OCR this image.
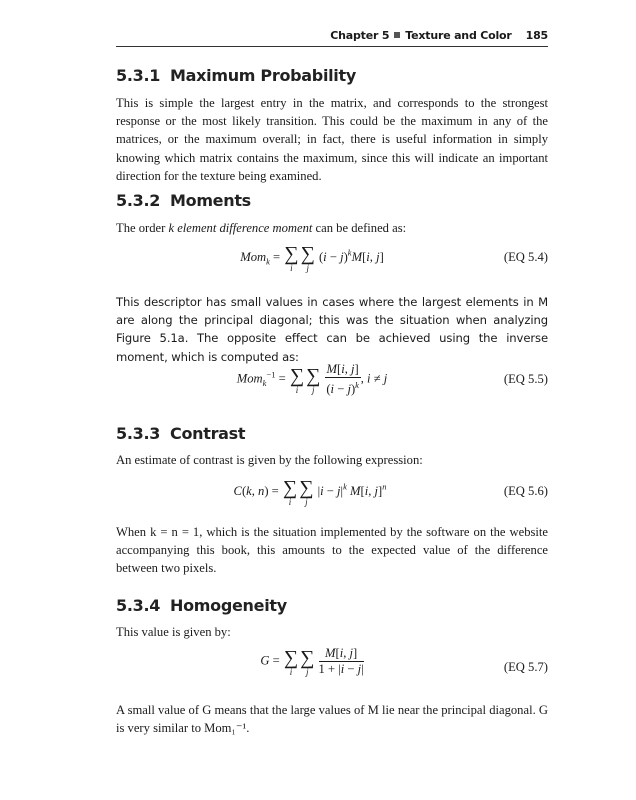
Chapter 5 Texture and Color 185
5.3.1 Maximum Probability

This is simple the largest entry in the matrix, and corresponds to the strongest response or the most likely transition. This could be the maximum in any of the matrices, or the maximum overall; in fact, there is useful information in simply knowing which matrix contains the maximum, since this will indicate an important direction for the texture being examined.

5.3.2 Moments

The order k element difference moment can be defined as:

Mom$_k$ = ∑
i
∑
j
$(i - j)^kM[i$, j]	(EQ 5.4)

This descriptor has small values in cases where the largest elements in M are along the principal diagonal; this was the situation when analyzing Figure 5.1a. The opposite effect can be achieved using the inverse moment, which is computed as:

Mom$_k^{-1}$ = ∑
i
∑
j
$\frac{M[i, j]}{(i - j)^k}$ , i ≠ j	(EQ 5.5)
5.3.3 Contrast

An estimate of contrast is given by the following expression:

C(k, n) = ∑
i
∑
j
$|i - j|^k$ M[i, j]$^n$	(EQ 5.6)

When k = n = 1, which is the situation implemented by the software on the website accompanying this book, this amounts to the expected value of the difference between two pixels.

5.3.4 Homogeneity

This value is given by:

G = ∑
i
∑
j
$\frac{M[i, j]}{1 + |i - j|}$	(EQ 5.7)

A small value of G means that the large values of M lie near the principal diagonal. G is very similar to Mom₁⁻¹.
